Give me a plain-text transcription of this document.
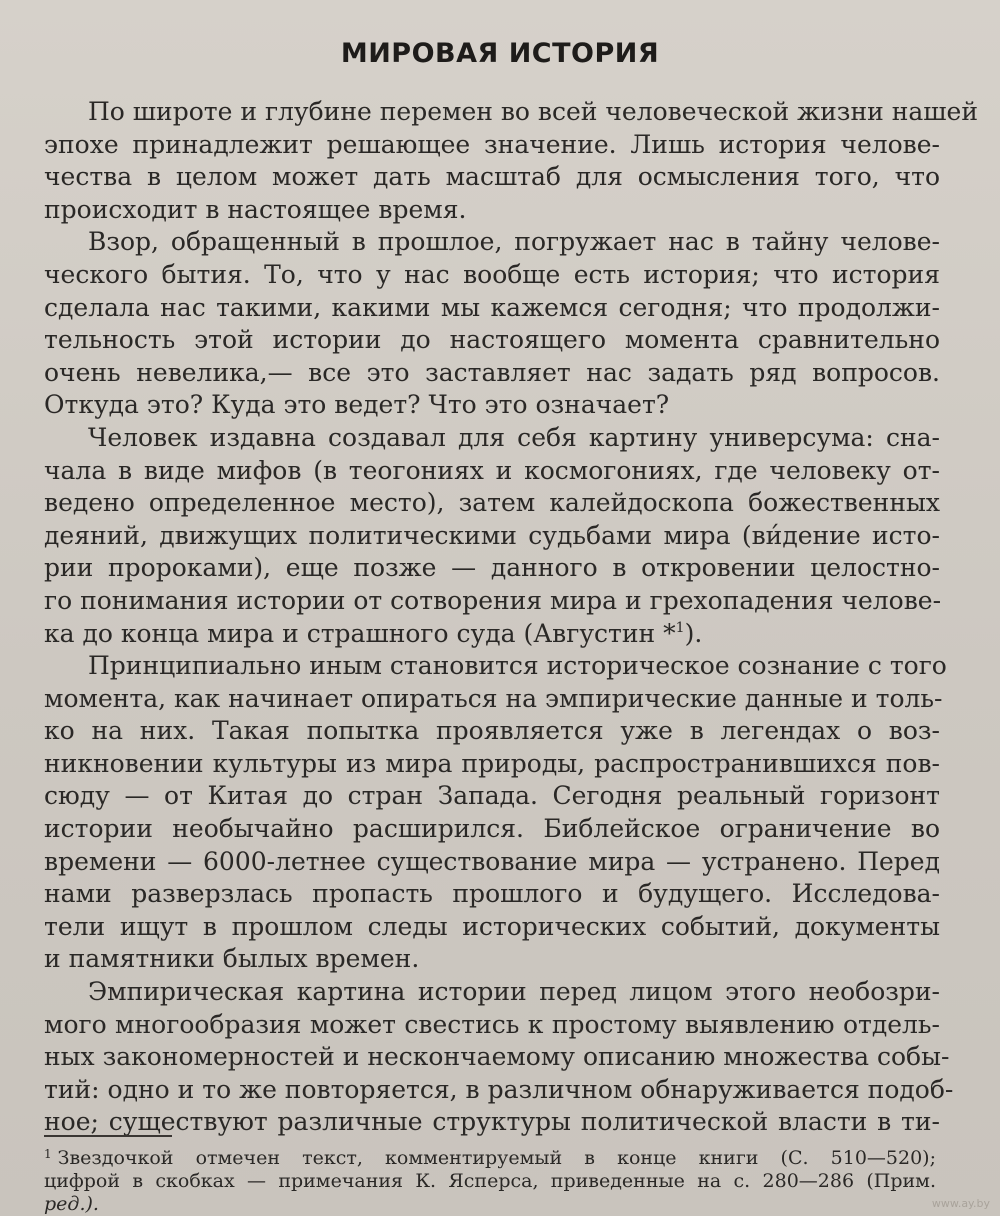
МИРОВАЯ ИСТОРИЯ

По широте и глубине перемен во всей человеческой жизни нашей
эпохе принадлежит решающее значение. Лишь история челове-
чества в целом может дать масштаб для осмысления того, что
происходит в настоящее время.

Взор, обращенный в прошлое, погружает нас в тайну челове-
ческого бытия. То, что у нас вообще есть история; что история
сделала нас такими, какими мы кажемся сегодня; что продолжи-
тельность этой истории до настоящего момента сравнительно
очень невелика,— все это заставляет нас задать ряд вопросов.
Откуда это? Куда это ведет? Что это означает?

Человек издавна создавал для себя картину универсума: сна-
чала в виде мифов (в теогониях и космогониях, где человеку от-
ведено определенное место), затем калейдоскопа божественных
деяний, движущих политическими судьбами мира (ви́дение исто-
рии пророками), еще позже — данного в откровении целостно-
го понимания истории от сотворения мира и грехопадения челове-
ка до конца мира и страшного суда (Августин *$^1$).

Принципиально иным становится историческое сознание с того
момента, как начинает опираться на эмпирические данные и толь-
ко на них. Такая попытка проявляется уже в легендах о воз-
никновении культуры из мира природы, распространившихся пов-
сюду — от Китая до стран Запада. Сегодня реальный горизонт
истории необычайно расширился. Библейское ограничение во
времени — 6000-летнее существование мира — устранено. Перед
нами разверзлась пропасть прошлого и будущего. Исследова-
тели ищут в прошлом следы исторических событий, документы
и памятники былых времен.

Эмпирическая картина истории перед лицом этого необозри-
мого многообразия может свестись к простому выявлению отдель-
ных закономерностей и нескончаемому описанию множества собы-
тий: одно и то же повторяется, в различном обнаруживается подоб-
ное; существуют различные структуры политической власти в ти-

$^1$ Звездочкой отмечен текст, комментируемый в конце книги (С. 510—520);
цифрой в скобках — примечания К. Ясперса, приведенные на с. 280—286 (Прим.
ред.).	www.ay.by
